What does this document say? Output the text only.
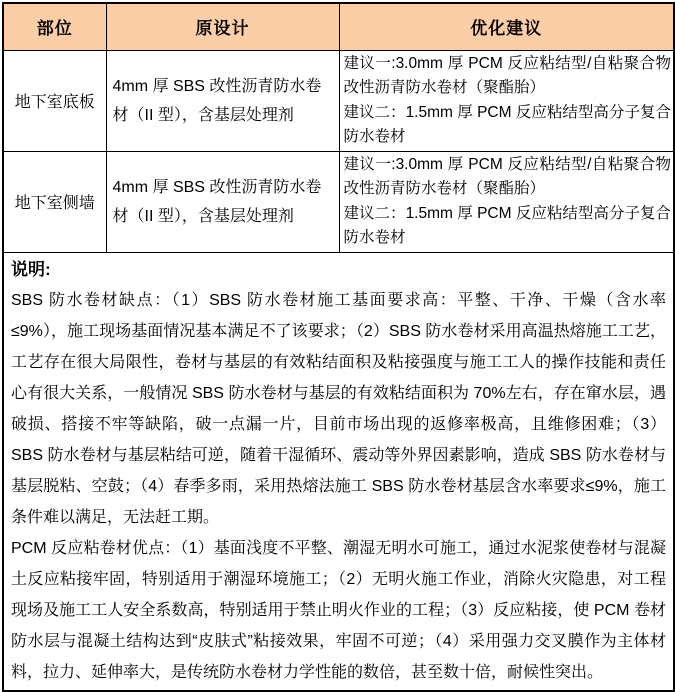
部位	原设计	优化建议
地下室底板	4mm 厚 SBS 改性沥青防水卷材（II 型），含基层处理剂	建议一:3.0mm 厚 PCM 反应粘结型/自粘聚合物改性沥青防水卷材（聚酯胎）
建议二：1.5mm 厚 PCM 反应粘结型高分子复合防水卷材

地下室侧墙	4mm 厚 SBS 改性沥青防水卷材（II 型），含基层处理剂	建议一:3.0mm 厚 PCM 反应粘结型/自粘聚合物改性沥青防水卷材（聚酯胎）
建议二：1.5mm 厚 PCM 反应粘结型高分子复合防水卷材

说明:

SBS 防水卷材缺点：（1）SBS 防水卷材施工基面要求高：平整、干净、干燥（含水率≤9%），施工现场基面情况基本满足不了该要求；（2）SBS 防水卷材采用高温热熔施工工艺，工艺存在很大局限性，卷材与基层的有效粘结面积及粘接强度与施工工人的操作技能和责任心有很大关系，一般情况 SBS 防水卷材与基层的有效粘结面积为 70%左右，存在窜水层，遇破损、搭接不牢等缺陷，破一点漏一片，目前市场出现的返修率极高，且维修困难；（3）SBS 防水卷材与基层粘结可逆，随着干湿循环、震动等外界因素影响，造成 SBS 防水卷材与基层脱粘、空鼓；（4）春季多雨，采用热熔法施工 SBS 防水卷材基层含水率要求≤9%，施工条件难以满足，无法赶工期。

PCM 反应粘卷材优点：（1）基面浅度不平整、潮湿无明水可施工，通过水泥浆使卷材与混凝土反应粘接牢固，特别适用于潮湿环境施工；（2）无明火施工作业，消除火灾隐患，对工程现场及施工工人安全系数高，特别适用于禁止明火作业的工程；（3）反应粘接，使 PCM 卷材防水层与混凝土结构达到“皮肤式”粘接效果，牢固不可逆；（4）采用强力交叉膜作为主体材料，拉力、延伸率大，是传统防水卷材力学性能的数倍，甚至数十倍，耐候性突出。		
